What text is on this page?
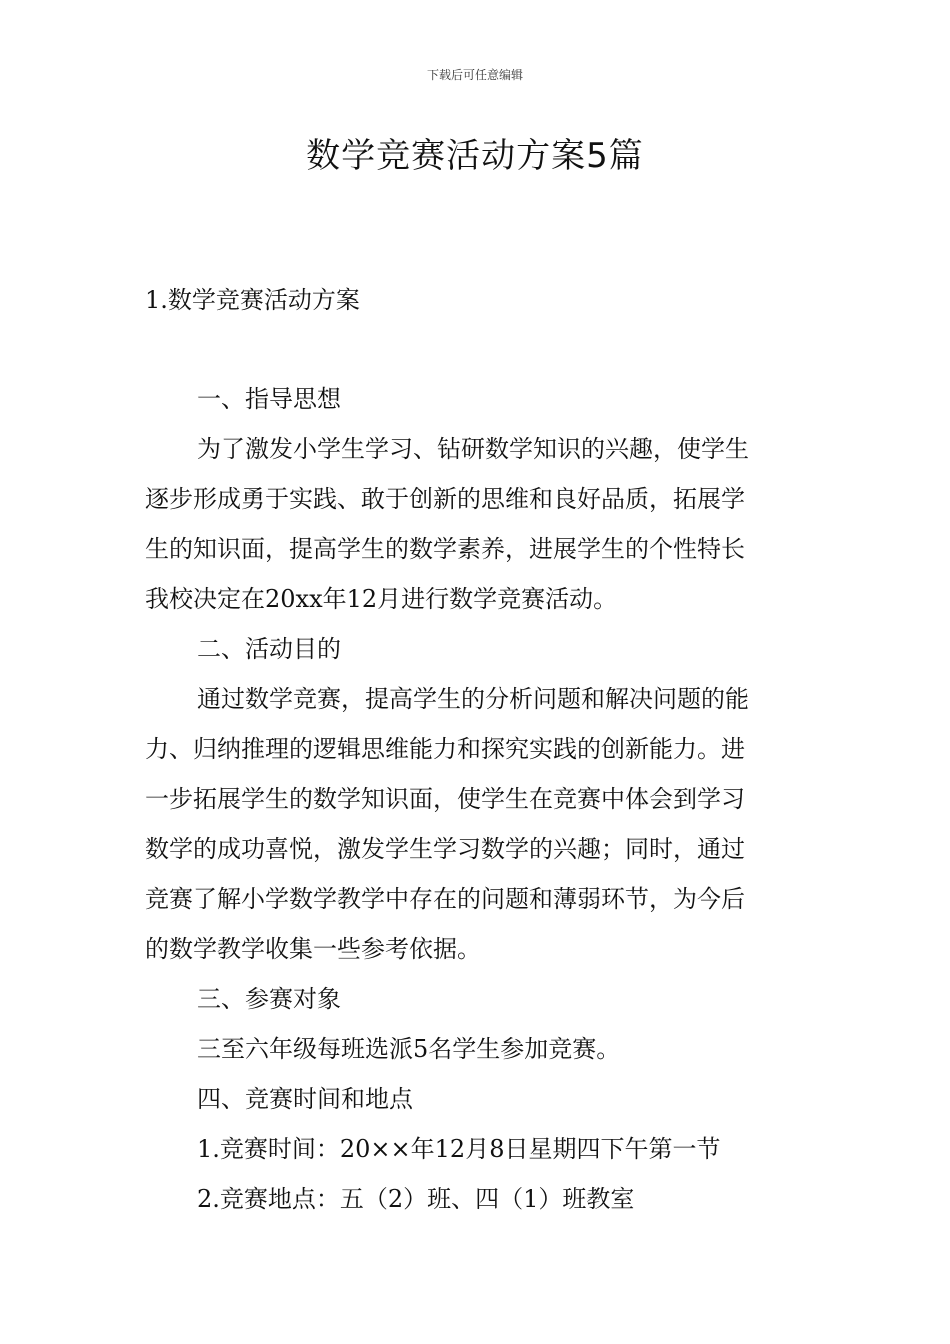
下载后可任意编辑
数学竞赛活动方案5篇

1.数学竞赛活动方案

一、指导思想

为了激发小学生学习、钻研数学知识的兴趣，使学生

逐步形成勇于实践、敢于创新的思维和良好品质，拓展学

生的知识面，提高学生的数学素养，进展学生的个性特长

我校决定在20xx年12月进行数学竞赛活动。

二、活动目的

通过数学竞赛，提高学生的分析问题和解决问题的能

力、归纳推理的逻辑思维能力和探究实践的创新能力。进

一步拓展学生的数学知识面，使学生在竞赛中体会到学习

数学的成功喜悦，激发学生学习数学的兴趣；同时，通过

竞赛了解小学数学教学中存在的问题和薄弱环节，为今后

的数学教学收集一些参考依据。

三、参赛对象

三至六年级每班选派5名学生参加竞赛。

四、竞赛时间和地点

1.竞赛时间：20××年12月8日星期四下午第一节

2.竞赛地点：五（2）班、四（1）班教室
